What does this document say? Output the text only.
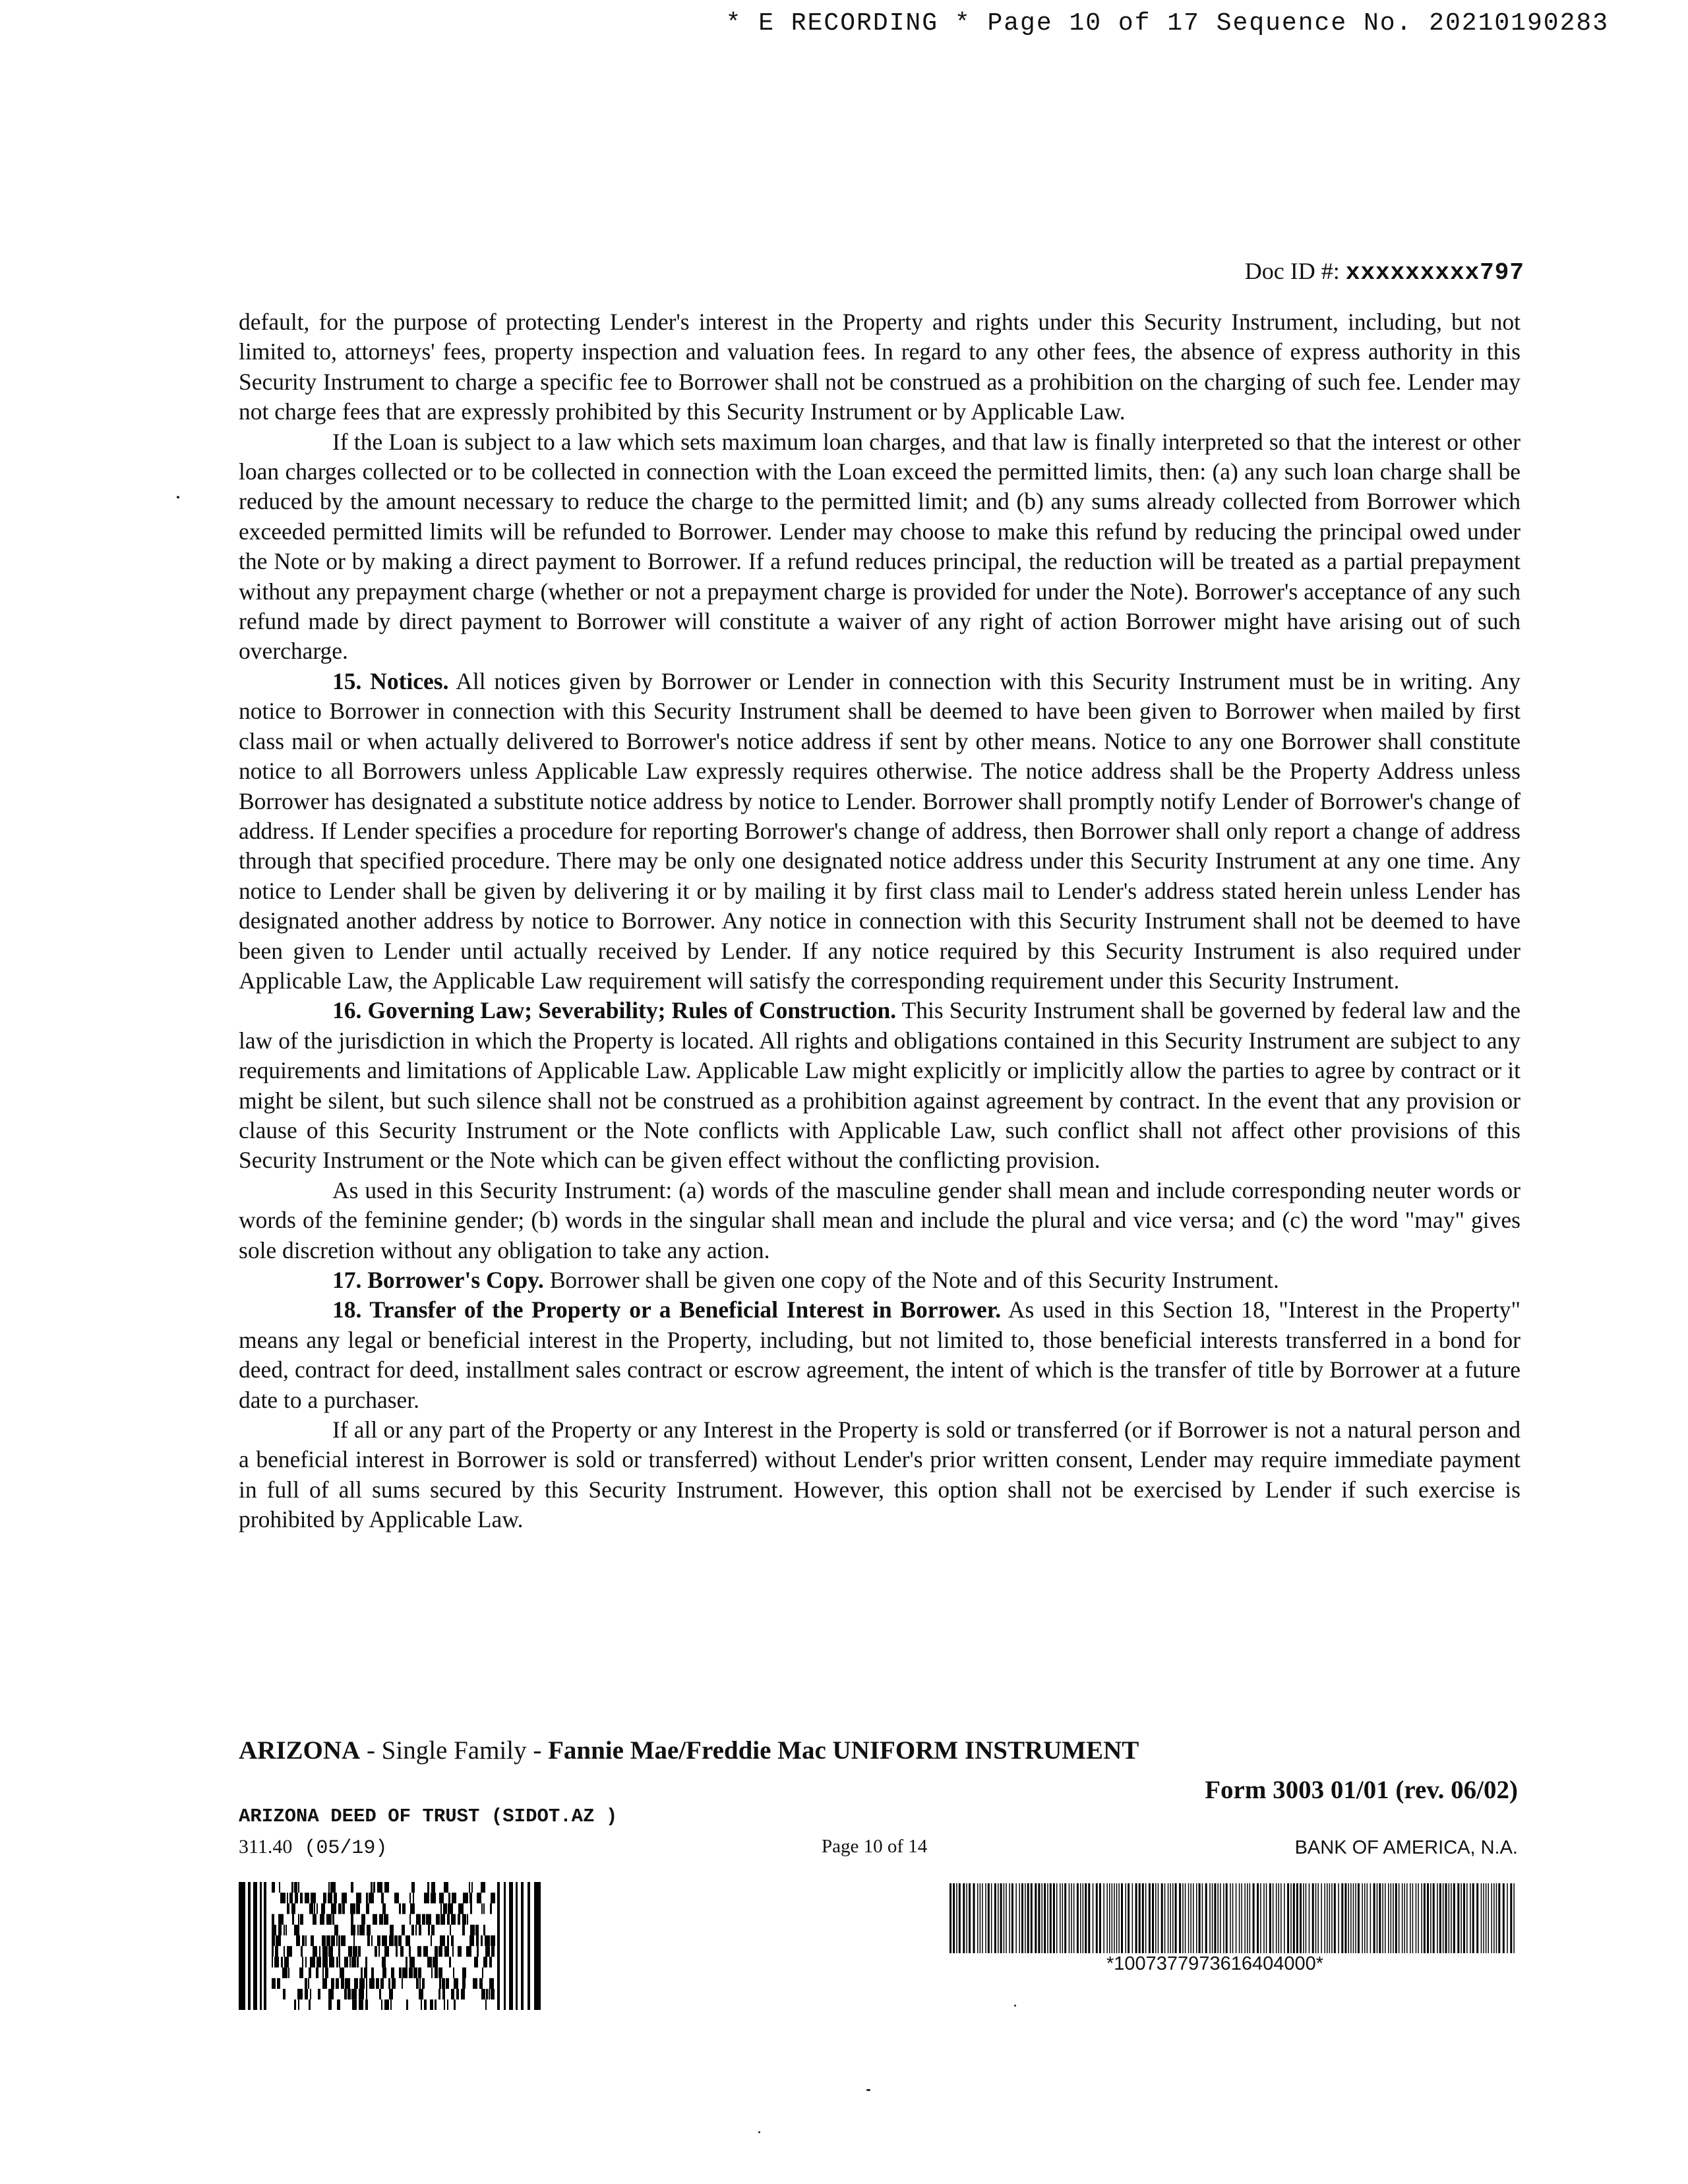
* E RECORDING * Page 10 of 17 Sequence No. 20210190283
Doc ID #: xxxxxxxxx797

default, for the purpose of protecting Lender's interest in the Property and rights under this Security Instrument, including, but not limited to, attorneys' fees, property inspection and valuation fees. In regard to any other fees, the absence of express authority in this Security Instrument to charge a specific fee to Borrower shall not be construed as a prohibition on the charging of such fee. Lender may not charge fees that are expressly prohibited by this Security Instrument or by Applicable Law.

If the Loan is subject to a law which sets maximum loan charges, and that law is finally interpreted so that the interest or other loan charges collected or to be collected in connection with the Loan exceed the permitted limits, then: (a) any such loan charge shall be reduced by the amount necessary to reduce the charge to the permitted limit; and (b) any sums already collected from Borrower which exceeded permitted limits will be refunded to Borrower. Lender may choose to make this refund by reducing the principal owed under the Note or by making a direct payment to Borrower. If a refund reduces principal, the reduction will be treated as a partial prepayment without any prepayment charge (whether or not a prepayment charge is provided for under the Note). Borrower's acceptance of any such refund made by direct payment to Borrower will constitute a waiver of any right of action Borrower might have arising out of such overcharge.

15. Notices. All notices given by Borrower or Lender in connection with this Security Instrument must be in writing. Any notice to Borrower in connection with this Security Instrument shall be deemed to have been given to Borrower when mailed by first class mail or when actually delivered to Borrower's notice address if sent by other means. Notice to any one Borrower shall constitute notice to all Borrowers unless Applicable Law expressly requires otherwise. The notice address shall be the Property Address unless Borrower has designated a substitute notice address by notice to Lender. Borrower shall promptly notify Lender of Borrower's change of address. If Lender specifies a procedure for reporting Borrower's change of address, then Borrower shall only report a change of address through that specified procedure. There may be only one designated notice address under this Security Instrument at any one time. Any notice to Lender shall be given by delivering it or by mailing it by first class mail to Lender's address stated herein unless Lender has designated another address by notice to Borrower. Any notice in connection with this Security Instrument shall not be deemed to have been given to Lender until actually received by Lender. If any notice required by this Security Instrument is also required under Applicable Law, the Applicable Law requirement will satisfy the corresponding requirement under this Security Instrument.

16. Governing Law; Severability; Rules of Construction. This Security Instrument shall be governed by federal law and the law of the jurisdiction in which the Property is located. All rights and obligations contained in this Security Instrument are subject to any requirements and limitations of Applicable Law. Applicable Law might explicitly or implicitly allow the parties to agree by contract or it might be silent, but such silence shall not be construed as a prohibition against agreement by contract. In the event that any provision or clause of this Security Instrument or the Note conflicts with Applicable Law, such conflict shall not affect other provisions of this Security Instrument or the Note which can be given effect without the conflicting provision.

As used in this Security Instrument: (a) words of the masculine gender shall mean and include corresponding neuter words or words of the feminine gender; (b) words in the singular shall mean and include the plural and vice versa; and (c) the word "may" gives sole discretion without any obligation to take any action.

17. Borrower's Copy. Borrower shall be given one copy of the Note and of this Security Instrument.

18. Transfer of the Property or a Beneficial Interest in Borrower. As used in this Section 18, "Interest in the Property" means any legal or beneficial interest in the Property, including, but not limited to, those beneficial interests transferred in a bond for deed, contract for deed, installment sales contract or escrow agreement, the intent of which is the transfer of title by Borrower at a future date to a purchaser.

If all or any part of the Property or any Interest in the Property is sold or transferred (or if Borrower is not a natural person and a beneficial interest in Borrower is sold or transferred) without Lender's prior written consent, Lender may require immediate payment in full of all sums secured by this Security Instrument. However, this option shall not be exercised by Lender if such exercise is prohibited by Applicable Law.

ARIZONA - Single Family - Fannie Mae/Freddie Mac UNIFORM INSTRUMENT
Form 3003 01/01 (rev. 06/02)
ARIZONA DEED OF TRUST (SIDOT.AZ )
311.40 (05/19)	Page 10 of 14	BANK OF AMERICA, N.A.
*1007377973616404000*
